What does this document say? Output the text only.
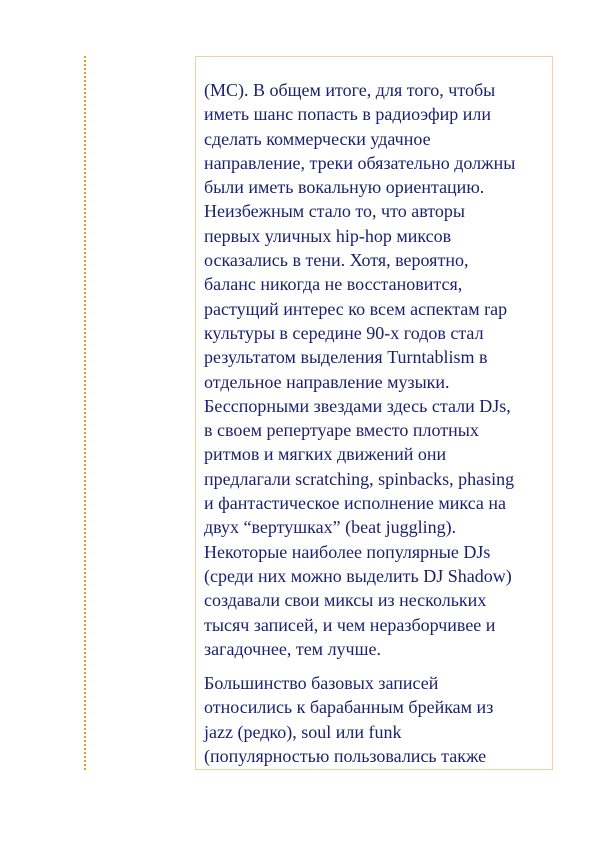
(MC). В общем итоге, для того, чтобы
иметь шанс попасть в радиоэфир или
сделать коммерчески удачное
направление, треки обязательно должны
были иметь вокальную ориентацию.
Неизбежным стало то, что авторы
первых уличных hip-hop миксов
осказались в тени. Хотя, вероятно,
баланс никогда не восстановится,
растущий интерес ко всем аспектам rap
культуры в середине 90-х годов стал
результатом выделения Turntablism в
отдельное направление музыки.
Бесспорными звездами здесь стали DJs,
в своем репертуаре вместо плотных
ритмов и мягких движений они
предлагали scratching, spinbacks, phasing
и фантастическое исполнение микса на
двух “вертушках” (beat juggling).
Некоторые наиболее популярные DJs
(среди них можно выделить DJ Shadow)
создавали свои миксы из нескольких
тысяч записей, и чем неразборчивее и
загадочнее, тем лучше.

Большинство базовых записей
относились к барабанным брейкам из
jazz (редко), soul или funk
(популярностью пользовались также
